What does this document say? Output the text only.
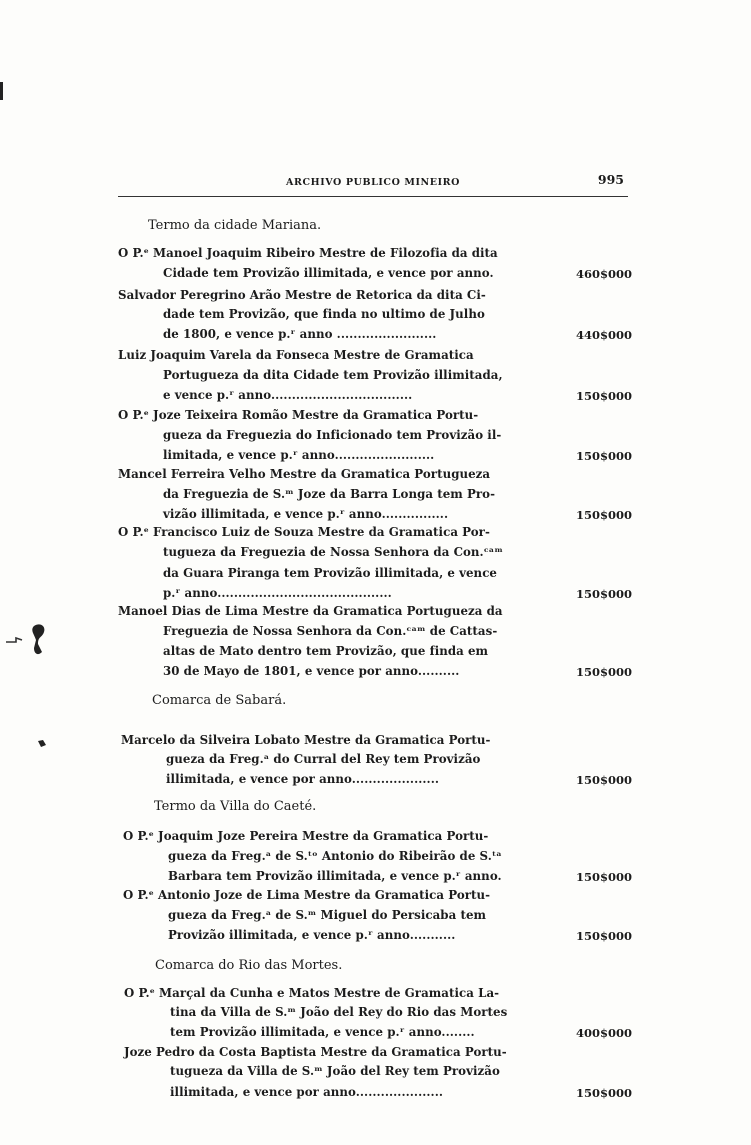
ARCHIVO PUBLICO MINEIRO	995
Termo da cidade Mariana.
O P.ᵉ Manoel Joaquim Ribeiro Mestre de Filozofia da dita
Cidade tem Provizão illimitada, e vence por anno.	460$000
Salvador Peregrino Arão Mestre de Retorica da dita Ci-
dade tem Provizão, que finda no ultimo de Julho
de 1800, e vence p.ʳ anno ........................	440$000
Luiz Joaquim Varela da Fonseca Mestre de Gramatica
Portugueza da dita Cidade tem Provizão illimitada,
e vence p.ʳ anno..................................	150$000
O P.ᵉ Joze Teixeira Romão Mestre da Gramatica Portu-
gueza da Freguezia do Inficionado tem Provizão il-
limitada, e vence p.ʳ anno........................	150$000
Mancel Ferreira Velho Mestre da Gramatica Portugueza
da Freguezia de S.ᵐ Joze da Barra Longa tem Pro-
vizão illimitada, e vence p.ʳ anno................	150$000
O P.ᵉ Francisco Luiz de Souza Mestre da Gramatica Por-
tugueza da Freguezia de Nossa Senhora da Con.ᶜᵃᵐ
da Guara Piranga tem Provizão illimitada, e vence
p.ʳ anno..........................................	150$000
Manoel Dias de Lima Mestre da Gramatica Portugueza da
Freguezia de Nossa Senhora da Con.ᶜᵃᵐ de Cattas-
altas de Mato dentro tem Provizão, que finda em
30 de Mayo de 1801, e vence por anno..........	150$000
Comarca de Sabará.
Marcelo da Silveira Lobato Mestre da Gramatica Portu-
gueza da Freg.ᵃ do Curral del Rey tem Provizão
illimitada, e vence por anno.....................	150$000
Termo da Villa do Caeté.
O P.ᵉ Joaquim Joze Pereira Mestre da Gramatica Portu-
gueza da Freg.ᵃ de S.ᵗᵒ Antonio do Ribeirão de S.ᵗᵃ
Barbara tem Provizão illimitada, e vence p.ʳ anno.	150$000
O P.ᵉ Antonio Joze de Lima Mestre da Gramatica Portu-
gueza da Freg.ᵃ de S.ᵐ Miguel do Persicaba tem
Provizão illimitada, e vence p.ʳ anno...........	150$000
Comarca do Rio das Mortes.
O P.ᵉ Marçal da Cunha e Matos Mestre de Gramatica La-
tina da Villa de S.ᵐ João del Rey do Rio das Mortes
tem Provizão illimitada, e vence p.ʳ anno........	400$000
Joze Pedro da Costa Baptista Mestre da Gramatica Portu-
tugueza da Villa de S.ᵐ João del Rey tem Provizão
illimitada, e vence por anno.....................	150$000
